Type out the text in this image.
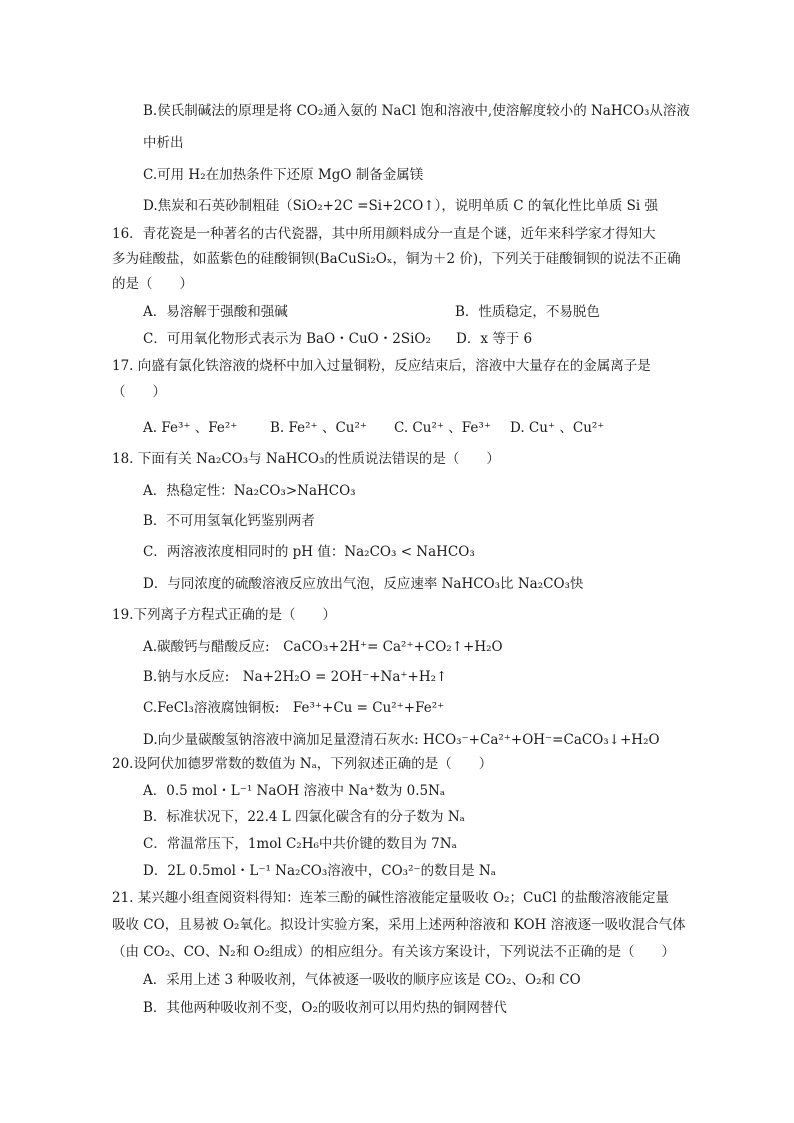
B.侯氏制碱法的原理是将 CO₂通入氨的 NaCl 饱和溶液中,使溶解度较小的 NaHCO₃从溶液
中析出
C.可用 H₂在加热条件下还原 MgO 制备金属镁
D.焦炭和石英砂制粗硅（SiO₂+2C =Si+2CO↑），说明单质 C 的氧化性比单质 Si 强
16．青花瓷是一种著名的古代瓷器，其中所用颜料成分一直是个谜，近年来科学家才得知大
多为硅酸盐，如蓝紫色的硅酸铜钡(BaCuSi₂Oₓ，铜为＋2 价)，下列关于硅酸铜钡的说法不正确
的是（　　）
A．易溶解于强酸和强碱	B．性质稳定，不易脱色
C．可用氧化物形式表示为 BaO・CuO・2SiO₂ D．x 等于 6
17. 向盛有氯化铁溶液的烧杯中加入过量铜粉，反应结束后，溶液中大量存在的金属离子是
（　　）
A. Fe³⁺ 、Fe²⁺ B. Fe²⁺ 、Cu²⁺ C. Cu²⁺ 、Fe³⁺ D. Cu⁺ 、Cu²⁺
18. 下面有关 Na₂CO₃与 NaHCO₃的性质说法错误的是（　　）
A．热稳定性：Na₂CO₃>NaHCO₃
B．不可用氢氧化钙鉴别两者
C．两溶液浓度相同时的 pH 值：Na₂CO₃ < NaHCO₃
D．与同浓度的硫酸溶液反应放出气泡，反应速率 NaHCO₃比 Na₂CO₃快
19.下列离子方程式正确的是（　　）
A.碳酸钙与醋酸反应:　CaCO₃+2H⁺= Ca²⁺+CO₂↑+H₂O
B.钠与水反应:　Na+2H₂O = 2OH⁻+Na⁺+H₂↑
C.FeCl₃溶液腐蚀铜板:　Fe³⁺+Cu = Cu²⁺+Fe²⁺
D.向少量碳酸氢钠溶液中滴加足量澄清石灰水: HCO₃⁻+Ca²⁺+OH⁻=CaCO₃↓+H₂O
20.设阿伏加德罗常数的数值为 Nₐ，下列叙述正确的是（　　）
A．0.5 mol・L⁻¹ NaOH 溶液中 Na⁺数为 0.5Nₐ
B．标准状况下，22.4 L 四氯化碳含有的分子数为 Nₐ
C．常温常压下，1mol C₂H₆中共价键的数目为 7Nₐ
D．2L 0.5mol・L⁻¹ Na₂CO₃溶液中，CO₃²⁻的数目是 Nₐ
21. 某兴趣小组查阅资料得知：连苯三酚的碱性溶液能定量吸收 O₂；CuCl 的盐酸溶液能定量
吸收 CO，且易被 O₂氧化。拟设计实验方案，采用上述两种溶液和 KOH 溶液逐一吸收混合气体
（由 CO₂、CO、N₂和 O₂组成）的相应组分。有关该方案设计，下列说法不正确的是（　　）
A．采用上述 3 种吸收剂，气体被逐一吸收的顺序应该是 CO₂、O₂和 CO
B．其他两种吸收剂不变，O₂的吸收剂可以用灼热的铜网替代
